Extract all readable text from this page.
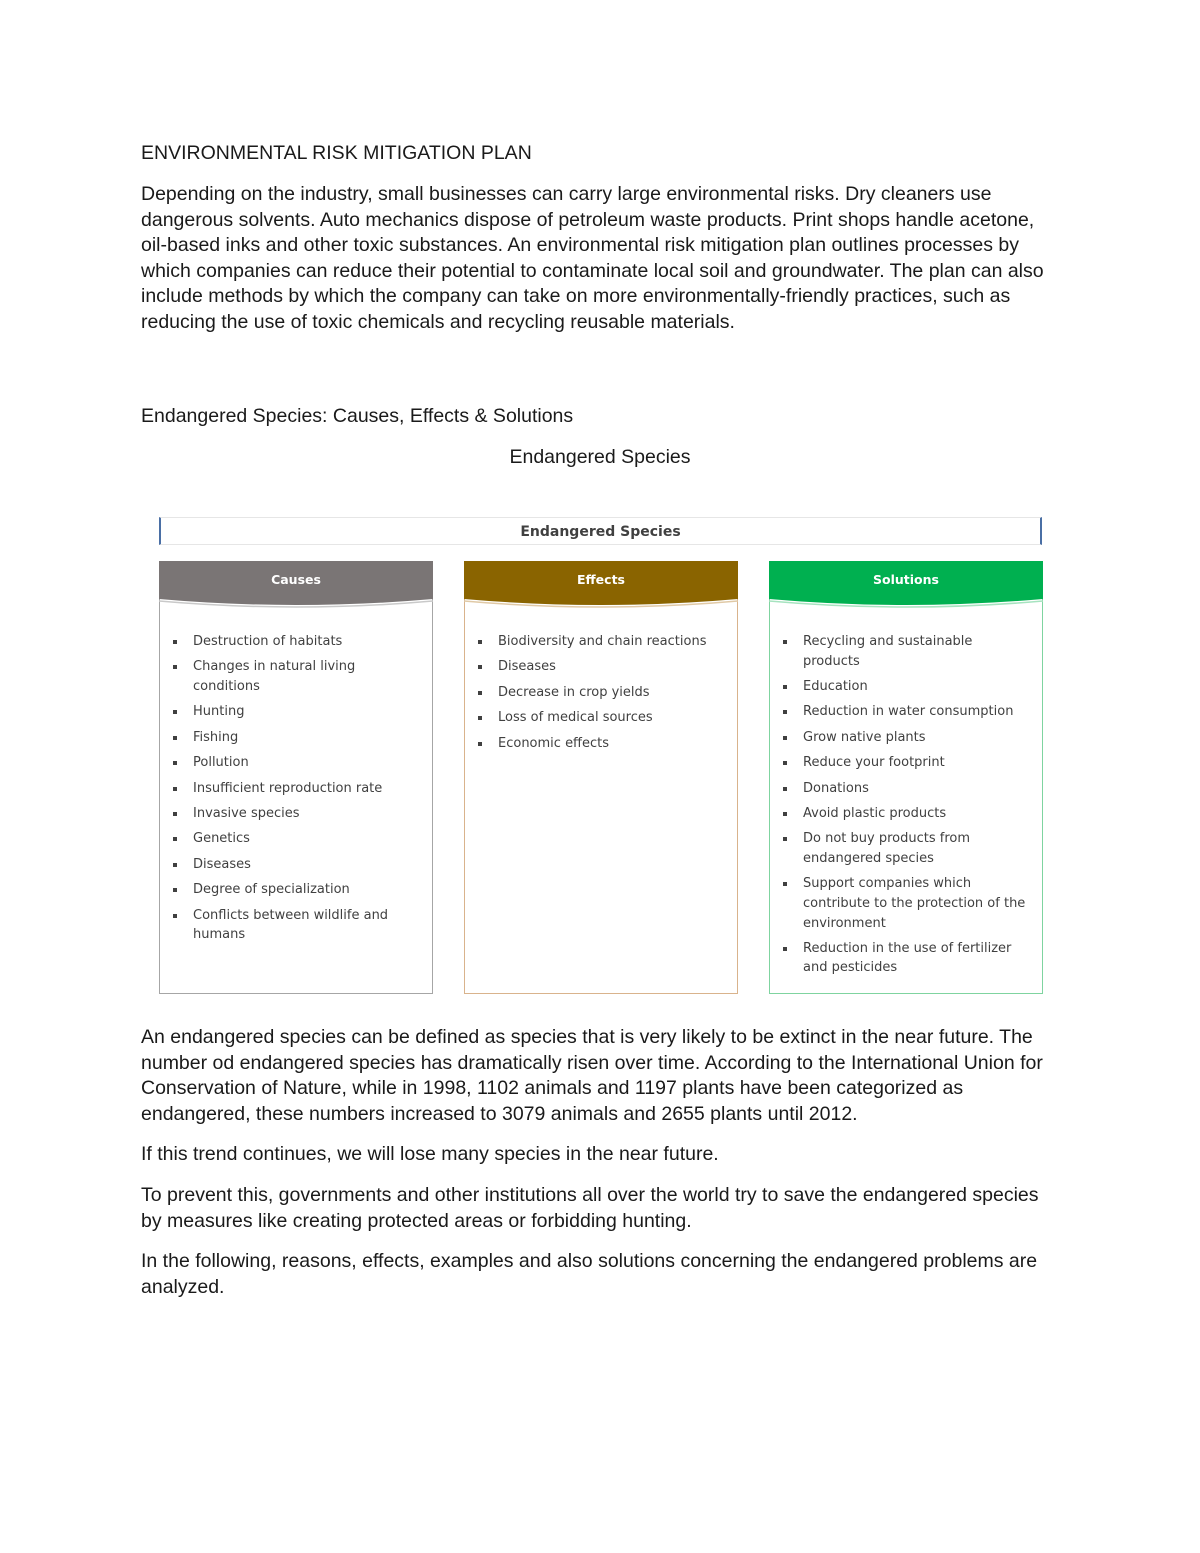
ENVIRONMENTAL RISK MITIGATION PLAN

Depending on the industry, small businesses can carry large environmental risks. Dry cleaners use dangerous solvents. Auto mechanics dispose of petroleum waste products. Print shops handle acetone, oil-based inks and other toxic substances. An environmental risk mitigation plan outlines processes by which companies can reduce their potential to contaminate local soil and groundwater. The plan can also include methods by which the company can take on more environmentally-friendly practices, such as reducing the use of toxic chemicals and recycling reusable materials.

Endangered Species: Causes, Effects & Solutions

Endangered Species

Endangered Species
Causes
Destruction of habitats
Changes in natural living conditions
Hunting
Fishing
Pollution
Insufficient reproduction rate
Invasive species
Genetics
Diseases
Degree of specialization
Conflicts between wildlife and humans
Effects
Biodiversity and chain reactions
Diseases
Decrease in crop yields
Loss of medical sources
Economic effects
Solutions
Recycling and sustainable products
Education
Reduction in water consumption
Grow native plants
Reduce your footprint
Donations
Avoid plastic products
Do not buy products from endangered species
Support companies which contribute to the protection of the environment
Reduction in the use of fertilizer and pesticides

An endangered species can be defined as species that is very likely to be extinct in the near future. The number od endangered species has dramatically risen over time. According to the International Union for Conservation of Nature, while in 1998, 1102 animals and 1197 plants have been categorized as endangered, these numbers increased to 3079 animals and 2655 plants until 2012.

If this trend continues, we will lose many species in the near future.

To prevent this, governments and other institutions all over the world try to save the endangered species by measures like creating protected areas or forbidding hunting.

In the following, reasons, effects, examples and also solutions concerning the endangered problems are analyzed.
